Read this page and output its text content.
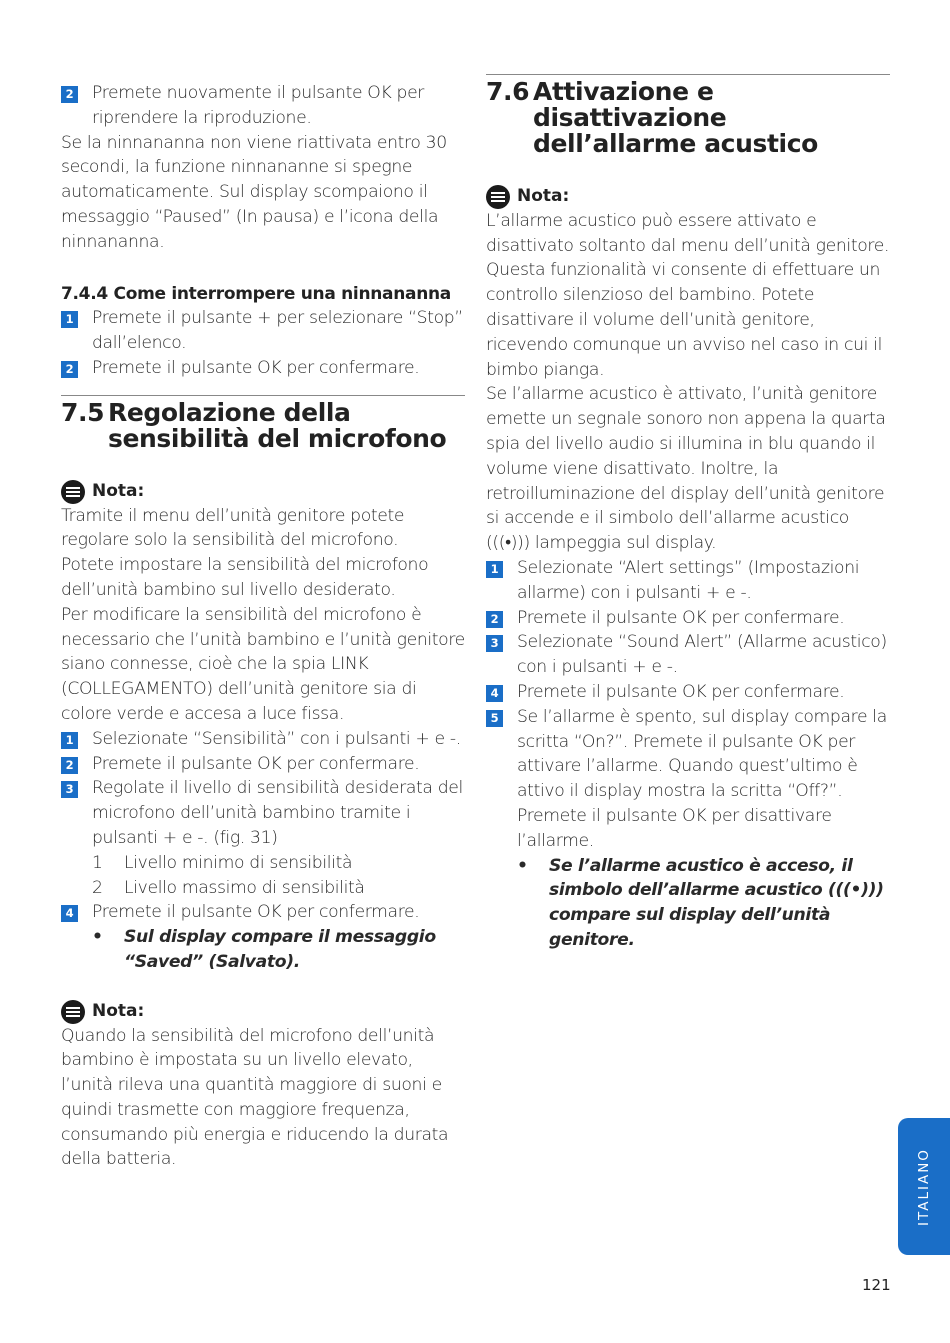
2 Premete nuovamente il pulsante OK per riprendere la riproduzione.

Se la ninnananna non viene riattivata entro 30 secondi, la funzione ninnananne si spegne automaticamente. Sul display scompaiono il messaggio “Paused” (In pausa) e l’icona della ninnananna.

7.4.4 Come interrompere una ninnananna

1 Premete il pulsante + per selezionare “Stop” dall’elenco.
2 Premete il pulsante OK per confermare.
7.5 Regolazione della sensibilità del microfono
Nota:

Tramite il menu dell’unità genitore potete regolare solo la sensibilità del microfono.

Potete impostare la sensibilità del microfono dell’unità bambino sul livello desiderato.

Per modificare la sensibilità del microfono è necessario che l’unità bambino e l’unità genitore siano connesse, cioè che la spia LINK (COLLEGAMENTO) dell’unità genitore sia di colore verde e accesa a luce fissa.

1 Selezionate “Sensibilità” con i pulsanti + e -.
2 Premete il pulsante OK per confermare.
3 Regolate il livello di sensibilità desiderata del microfono dell’unità bambino tramite i pulsanti + e -. (fig. 31)
1 Livello minimo di sensibilità
2 Livello massimo di sensibilità
4 Premete il pulsante OK per confermare.
• Sul display compare il messaggio “Saved” (Salvato).
Nota:

Quando la sensibilità del microfono dell’unità bambino è impostata su un livello elevato, l’unità rileva una quantità maggiore di suoni e quindi trasmette con maggiore frequenza, consumando più energia e riducendo la durata della batteria.

7.6 Attivazione e disattivazione dell’allarme acustico
Nota:

L’allarme acustico può essere attivato e disattivato soltanto dal menu dell’unità genitore.

Questa funzionalità vi consente di effettuare un controllo silenzioso del bambino. Potete disattivare il volume dell’unità genitore, ricevendo comunque un avviso nel caso in cui il bimbo pianga.

Se l’allarme acustico è attivato, l’unità genitore emette un segnale sonoro non appena la quarta spia del livello audio si illumina in blu quando il volume viene disattivato. Inoltre, la retroilluminazione del display dell’unità genitore si accende e il simbolo dell’allarme acustico (((•))) lampeggia sul display.

1 Selezionate “Alert settings” (Impostazioni allarme) con i pulsanti + e -.
2 Premete il pulsante OK per confermare.
3 Selezionate “Sound Alert” (Allarme acustico) con i pulsanti + e -.
4 Premete il pulsante OK per confermare.
5 Se l’allarme è spento, sul display compare la scritta “On?”. Premete il pulsante OK per attivare l’allarme. Quando quest’ultimo è attivo il display mostra la scritta “Off?”. Premete il pulsante OK per disattivare l’allarme.
• Se l’allarme acustico è acceso, il simbolo dell’allarme acustico (((•))) compare sul display dell’unità genitore.
ITALIANO
121
